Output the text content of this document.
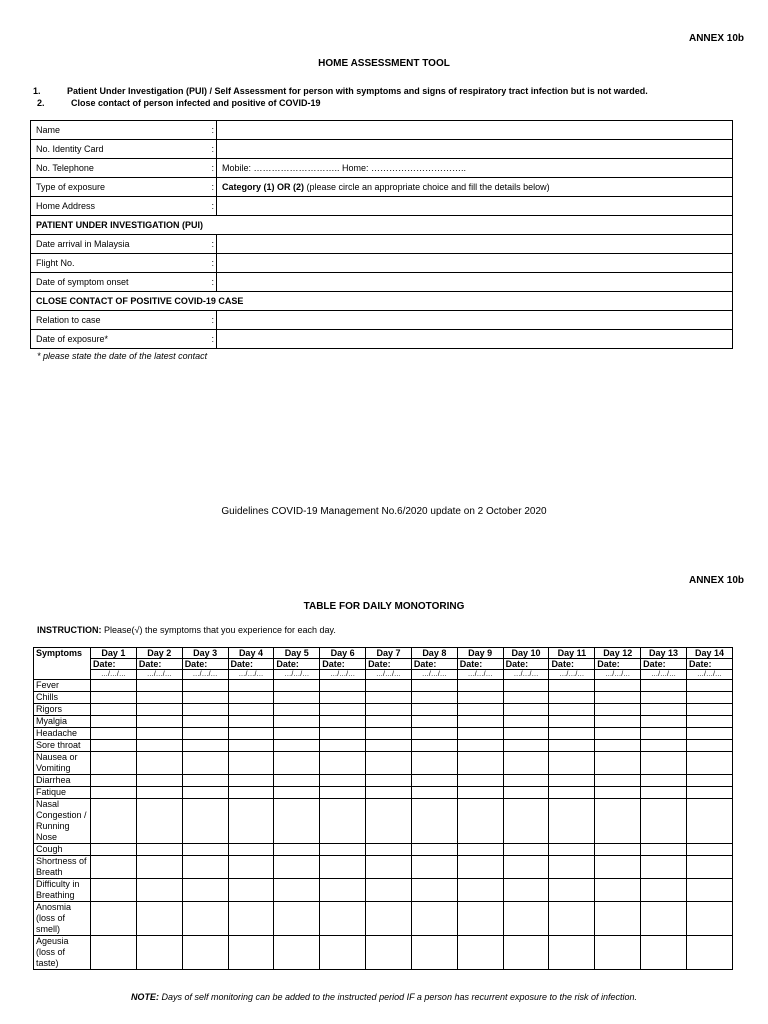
ANNEX 10b
HOME ASSESSMENT TOOL
1.	Patient Under Investigation (PUI) / Self Assessment for person with symptoms and signs of respiratory tract infection but is not warded.
2.	Close contact of person infected and positive of COVID-19
Name	:	
No. Identity Card	:	
No. Telephone	:	Mobile: ……………………….. Home: …………………………..
Type of exposure	:	Category (1) OR (2) (please circle an appropriate choice and fill the details below)
Home Address	:	
PATIENT UNDER INVESTIGATION (PUI)		
Date arrival in Malaysia	:	
Flight No.	:	
Date of symptom onset	:	
CLOSE CONTACT OF POSITIVE COVID-19 CASE		
Relation to case	:	
Date of exposure*	:	
* please state the date of the latest contact
Guidelines COVID-19 Management No.6/2020 update on 2 October 2020
ANNEX 10b
TABLE FOR DAILY MONOTORING
INSTRUCTION: Please(√) the symptoms that you experience for each day.
Symptoms	Day 1	Day 2	Day 3	Day 4	Day 5	Day 6	Day 7	Day 8	Day 9	Day 10	Day 11	Day 12	Day 13	Day 14
	Date:	Date:	Date:	Date:	Date:	Date:	Date:	Date:	Date:	Date:	Date:	Date:	Date:	Date:
	…/…/…	…/…/…	…/…/…	…/…/…	…/…/…	…/…/…	…/…/…	…/…/…	…/…/…	…/…/…	…/…/…	…/…/…	…/…/…	…/…/…
Fever														
Chills														
Rigors														
Myalgia														
Headache														
Sore throat														
Nausea or Vomiting														
Diarrhea														
Fatique														
Nasal Congestion / Running Nose														
Cough														
Shortness of Breath														
Difficulty in Breathing														
Anosmia (loss of smell)														
Ageusia (loss of taste)														
NOTE: Days of self monitoring can be added to the instructed period IF a person has recurrent exposure to the risk of infection.
